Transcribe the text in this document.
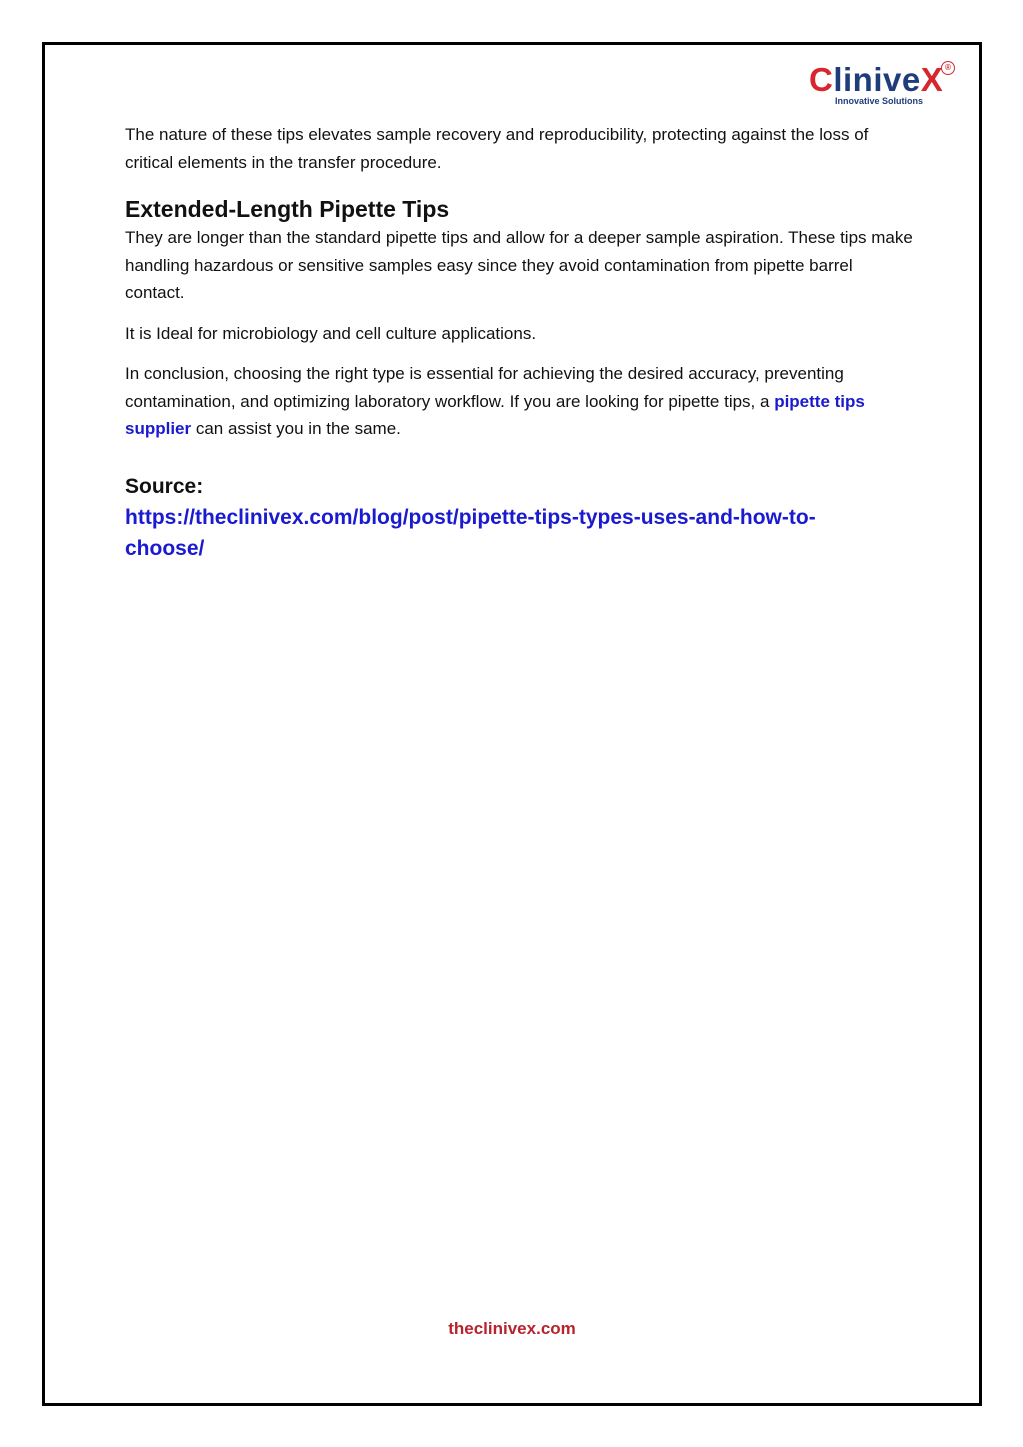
CliniveX ®
Innovative Solutions

The nature of these tips elevates sample recovery and reproducibility, protecting against the loss of critical elements in the transfer procedure.

Extended-Length Pipette Tips

They are longer than the standard pipette tips and allow for a deeper sample aspiration. These tips make handling hazardous or sensitive samples easy since they avoid contamination from pipette barrel contact.

It is Ideal for microbiology and cell culture applications.

In conclusion, choosing the right type is essential for achieving the desired accuracy, preventing contamination, and optimizing laboratory workflow. If you are looking for pipette tips, a pipette tips supplier can assist you in the same.

Source:
https://theclinivex.com/blog/post/pipette-tips-types-uses-and-how-to-choose/
theclinivex.com
